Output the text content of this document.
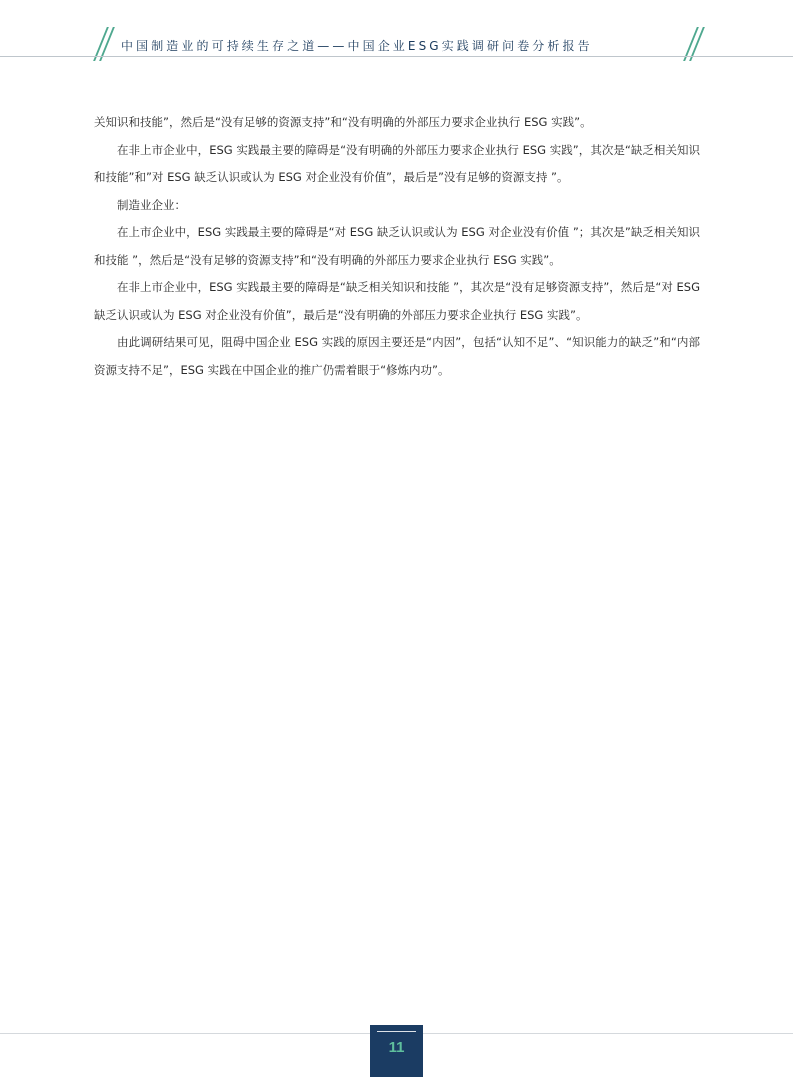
中国制造业的可持续生存之道——中国企业ESG实践调研问卷分析报告

关知识和技能”，然后是“没有足够的资源支持”和“没有明确的外部压力要求企业执行 ESG 实践”。

在非上市企业中，ESG 实践最主要的障碍是“没有明确的外部压力要求企业执行 ESG 实践”，其次是“缺乏相关知识和技能”和”对 ESG 缺乏认识或认为 ESG 对企业没有价值”，最后是”没有足够的资源支持 ”。

制造业企业：

在上市企业中，ESG 实践最主要的障碍是“对 ESG 缺乏认识或认为 ESG 对企业没有价值 ”；其次是”缺乏相关知识和技能 ”，然后是“没有足够的资源支持”和“没有明确的外部压力要求企业执行 ESG 实践”。

在非上市企业中，ESG 实践最主要的障碍是“缺乏相关知识和技能 ”，其次是“没有足够资源支持”，然后是“对 ESG 缺乏认识或认为 ESG 对企业没有价值”，最后是“没有明确的外部压力要求企业执行 ESG 实践”。

由此调研结果可见，阻碍中国企业 ESG 实践的原因主要还是“内因”，包括“认知不足”、“知识能力的缺乏”和“内部资源支持不足”，ESG 实践在中国企业的推广仍需着眼于“修炼内功”。

11
